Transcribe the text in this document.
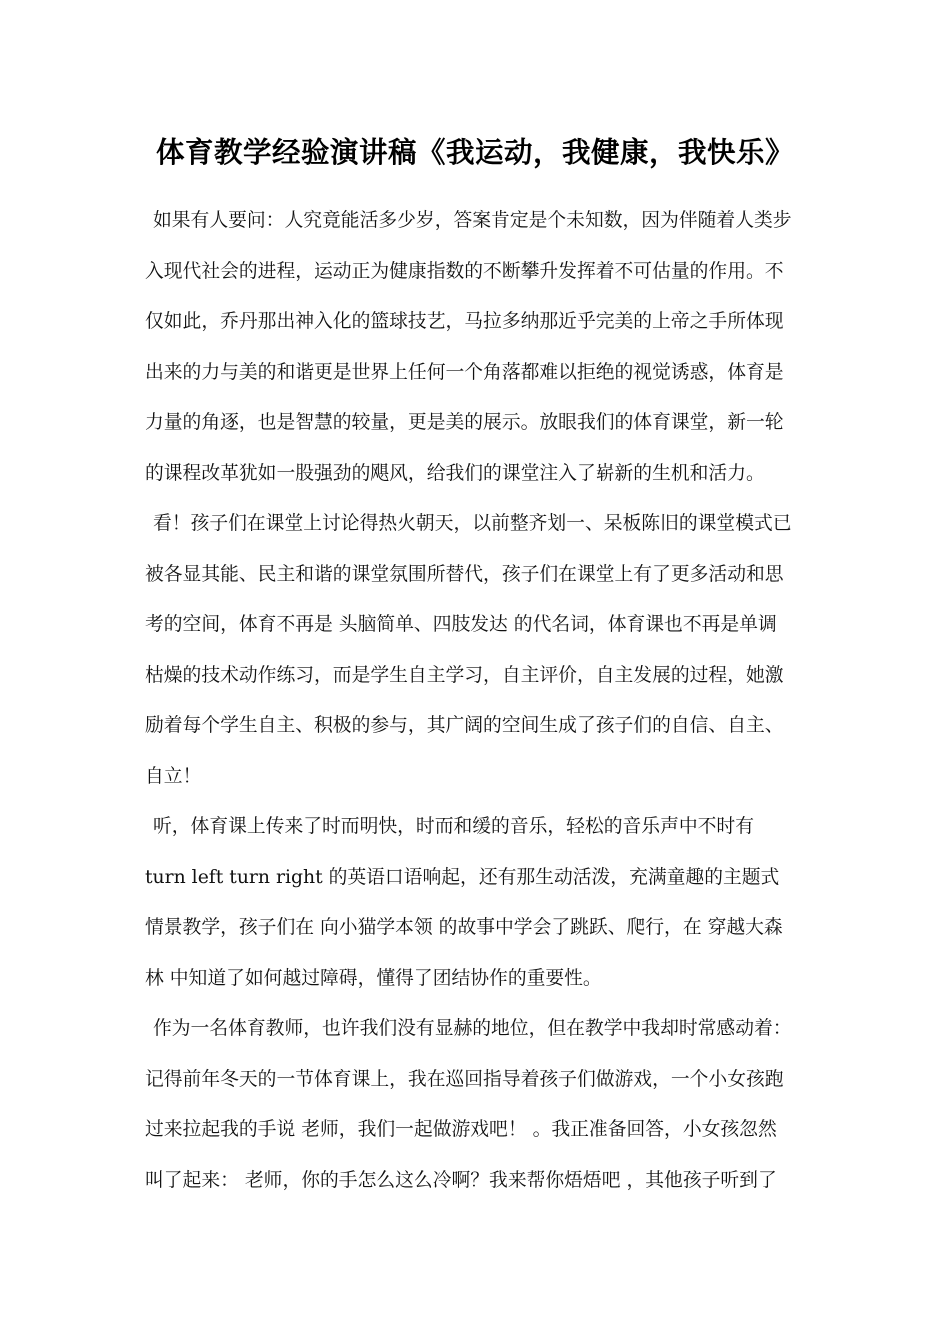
体育教学经验演讲稿《我运动，我健康，我快乐》
如果有人要问：人究竟能活多少岁，答案肯定是个未知数，因为伴随着人类步
入现代社会的进程，运动正为健康指数的不断攀升发挥着不可估量的作用。不
仅如此，乔丹那出神入化的篮球技艺，马拉多纳那近乎完美的上帝之手所体现
出来的力与美的和谐更是世界上任何一个角落都难以拒绝的视觉诱惑，体育是
力量的角逐，也是智慧的较量，更是美的展示。放眼我们的体育课堂，新一轮
的课程改革犹如一股强劲的飓风，给我们的课堂注入了崭新的生机和活力。
看！孩子们在课堂上讨论得热火朝天，以前整齐划一、呆板陈旧的课堂模式已
被各显其能、民主和谐的课堂氛围所替代，孩子们在课堂上有了更多活动和思
考的空间，体育不再是 头脑简单、四肢发达 的代名词，体育课也不再是单调
枯燥的技术动作练习，而是学生自主学习，自主评价，自主发展的过程，她激
励着每个学生自主、积极的参与，其广阔的空间生成了孩子们的自信、自主、
自立！
听，体育课上传来了时而明快，时而和缓的音乐，轻松的音乐声中不时有
turn left turn right 的英语口语响起，还有那生动活泼，充满童趣的主题式
情景教学，孩子们在 向小猫学本领 的故事中学会了跳跃、爬行，在 穿越大森
林 中知道了如何越过障碍，懂得了团结协作的重要性。
作为一名体育教师，也许我们没有显赫的地位，但在教学中我却时常感动着：
记得前年冬天的一节体育课上，我在巡回指导着孩子们做游戏，一个小女孩跑
过来拉起我的手说 老师，我们一起做游戏吧！ 。我正准备回答，小女孩忽然
叫了起来： 老师，你的手怎么这么冷啊？我来帮你焐焐吧 ，其他孩子听到了
